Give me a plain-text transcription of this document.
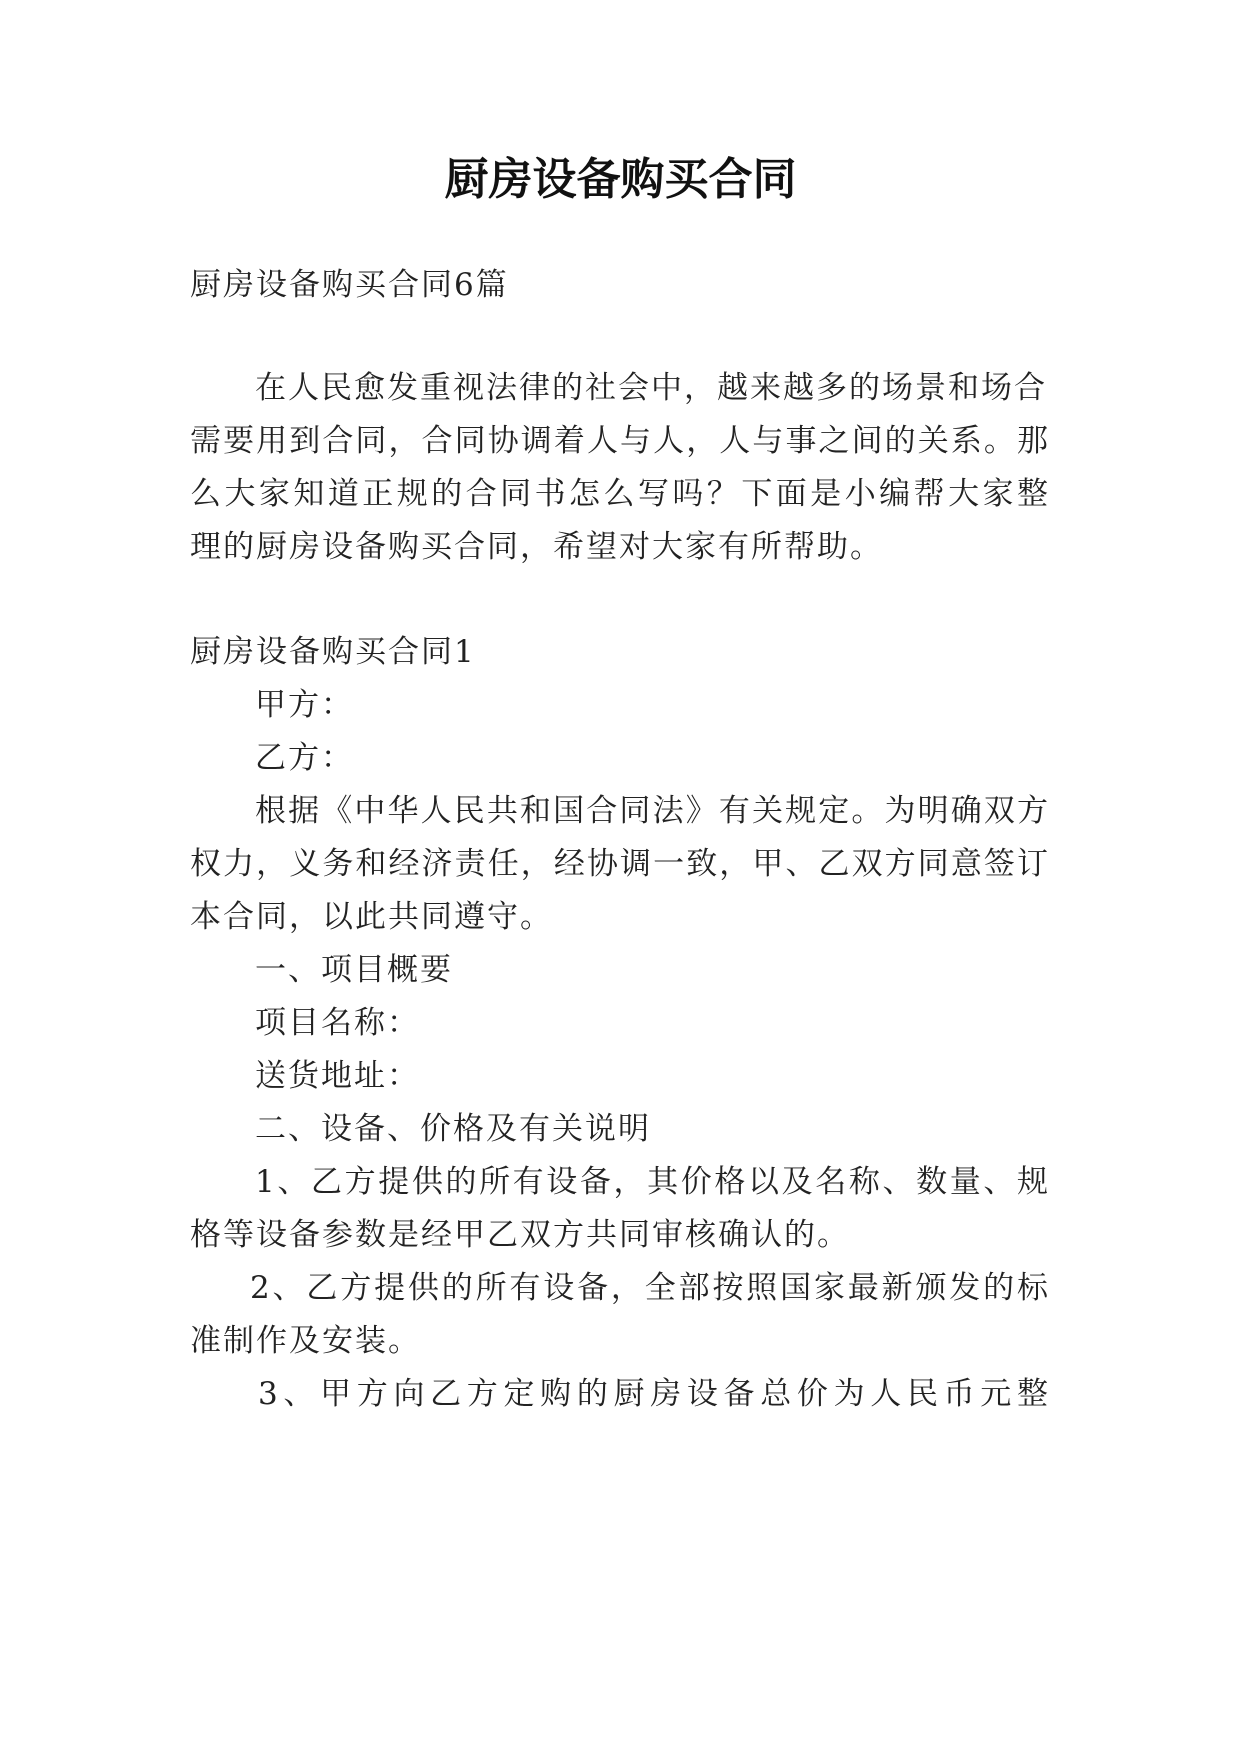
厨房设备购买合同
厨房设备购买合同6篇
在人民愈发重视法律的社会中，越来越多的场景和场合
需要用到合同，合同协调着人与人，人与事之间的关系。那
么大家知道正规的合同书怎么写吗？下面是小编帮大家整
理的厨房设备购买合同，希望对大家有所帮助。
厨房设备购买合同1
甲方：
乙方：
根据《中华人民共和国合同法》有关规定。为明确双方
权力，义务和经济责任，经协调一致，甲、乙双方同意签订
本合同，以此共同遵守。
一、项目概要
项目名称：
送货地址：
二、设备、价格及有关说明
1、乙方提供的所有设备，其价格以及名称、数量、规
格等设备参数是经甲乙双方共同审核确认的。
2、乙方提供的所有设备，全部按照国家最新颁发的标
准制作及安装。
3、甲方向乙方定购的厨房设备总价为人民币元整
